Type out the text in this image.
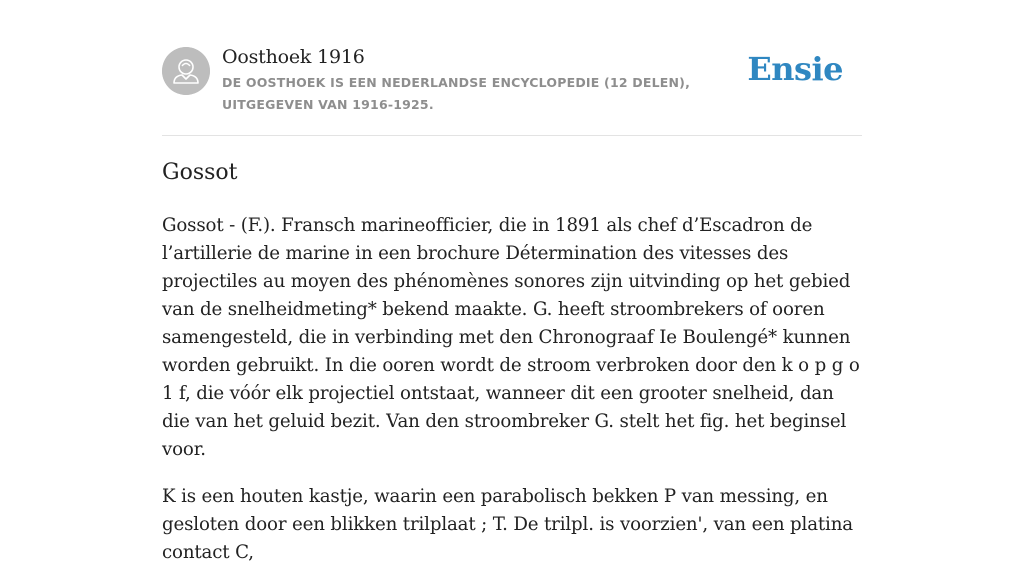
Oosthoek 1916

DE OOSTHOEK IS EEN NEDERLANDSE ENCYCLOPEDIE (12 DELEN), UITGEGEVEN VAN 1916-1925.

Ensie
Gossot

Gossot - (F.). Fransch marineofficier, die in 1891 als chef d’Escadron de l’artillerie de marine in een brochure Détermination des vitesses des projectiles au moyen des phénomènes sonores zijn uitvinding op het gebied van de snelheidmeting* bekend maakte. G. heeft stroombrekers of ooren samengesteld, die in verbinding met den Chronograaf Ie Boulengé* kunnen worden gebruikt. In die ooren wordt de stroom verbroken door den k o p g o 1 f, die vóór elk projectiel ontstaat, wanneer dit een grooter snelheid, dan die van het geluid bezit. Van den stroombreker G. stelt het fig. het beginsel voor.

K is een houten kastje, waarin een parabolisch bekken P van messing, en gesloten door een blikken trilplaat ; T. De trilpl. is voorzien', van een platina contact C,
